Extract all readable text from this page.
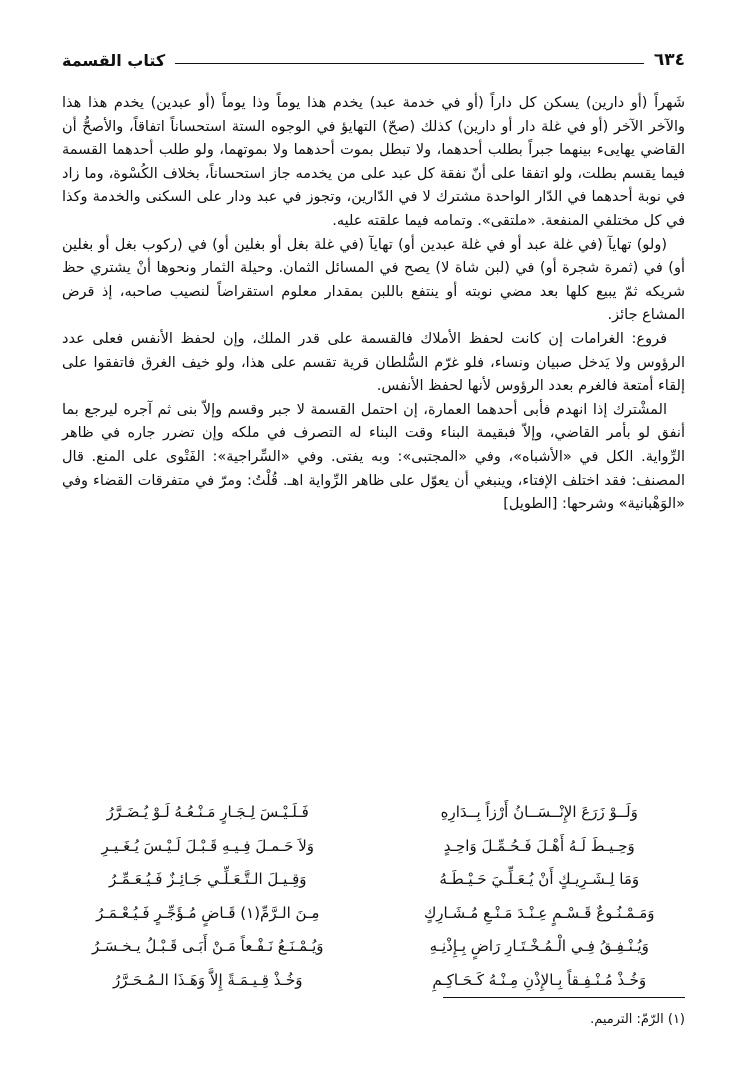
٦٣٤
كتاب القسمة

شَهراً (أو دارين) يسكن كل داراً (أو في خدمة عبد) يخدم هذا يوماً وذا يوماً (أو عبدين) يخدم هذا هذا والآخر الآخر (أو في غلة دار أو دارين) كذلك (صحّ) التهايؤ في الوجوه الستة استحساناً اتفاقاً، والأصحُّ أن القاضي يهايىء بينهما جبراً بطلب أحدهما، ولا تبطل بموت أحدهما ولا بموتهما، ولو طلب أحدهما القسمة فيما يقسم بطلت، ولو اتفقا على أنّ نفقة كل عبد على من يخدمه جاز استحساناً، بخلاف الكُسْوة، وما زاد في نوبة أحدهما في الدّار الواحدة مشترك لا في الدّارين، وتجوز في عبد ودار على السكنى والخدمة وكذا في كل مختلفي المنفعة. «ملتقى». وتمامه فيما علقته عليه.

(ولو) تهايآ (في غلة عبد أو في غلة عبدين أو) تهايآ (في غلة بغل أو بغلين أو) في (ركوب بغل أو بغلين أو) في (ثمرة شجرة أو) في (لبن شاة لا) يصح في المسائل الثمان. وحيلة الثمار ونحوها أنْ يشتري حظ شريكه ثمّ يبيع كلها بعد مضي نوبته أو ينتفع باللبن بمقدار معلوم استقراضاً لنصيب صاحبه، إذ قرض المشاع جائز.

فروع: الغرامات إن كانت لحفظ الأملاك فالقسمة على قدر الملك، وإن لحفظ الأنفس فعلى عدد الرؤوس ولا يَدخل صبيان ونساء، فلو غرّم السُّلطان قرية تقسم على هذا، ولو خيف الغرق فاتفقوا على إلقاء أمتعة فالغرم بعدد الرؤوس لأنها لحفظ الأنفس.

المشْترك إذا انهدم فأبى أحدهما العمارة، إن احتمل القسمة لا جبر وقسم وإلاّ بنى ثم آجره ليرجع بما أنفق لو بأمر القاضي، وإلاّ فبقيمة البناء وقت البناء له التصرف في ملكه وإن تضرر جاره في ظاهر الرِّواية. الكل في «الأشباه»، وفي «المجتبى»: وبه يفتى. وفي «السِّراجية»: الفَتْوى على المنع. قال المصنف: فقد اختلف الإفتاء، وينبغي أن يعوّل على ظاهر الرِّواية اهـ. قُلْتُ: ومرّ في متفرقات القضاء وفي «الوَهْبانية» وشرحها: [الطويل]

وَلَــوْ زَرَعَ الإِنْــسَــانُ أَرْزاً بِــدَارِهِ
وَحِـيـطَ لَـهُ أَهْـلَ فَـحُـمِّـلَ وَاحِـدٍ
وَمَا لِـشَـرِيـكٍ أَنْ يُـعَـلِّـيَ حَـيْـطَـهُ
وَمَـمْـنُـوعٌ قَـسْـمٍ عِـنْـدَ مَـنْـعِ مُـشَـارِكٍ
وَيُـنْـفِـقُ فِـي الْـمُـخْـتَـارِ رَاضٍ بِـإِذْنِـهِ
وَخُـذْ مُـنْـفِـقاً بِـالإِذْنِ مِـنْـهُ كَـحَـاكِـمِ
فَـلَـيْـسَ لِـجَـارٍ مَـنْـعُـهُ لَـوْ يُـضَـرَّرُ
وَلاَ حَـمـلَ فِـيـهِ قَـبْـلَ لَـيْـسَ يُـغَـيـرِ
وَقِـيـلَ الـتَّـعَـلِّـي جَـائِـزٌ فَـيُـعَـمِّـرُ
مِـنَ الـرَّمِّ(١) قَـاضٍ مُـؤَجِّـرٍ فَـيُـعْـمَـرُ
وَيُـمْـنَـعُ نَـفْـعاً مَـنْ أَبَـى قَـبْـلُ يـخـسَـرُ
وَخُـذْ قِـيـمَـةً إِلاَّ وَهَـذَا الـمُـحَـرَّرُ
(١) الرّمّ: الترميم.
